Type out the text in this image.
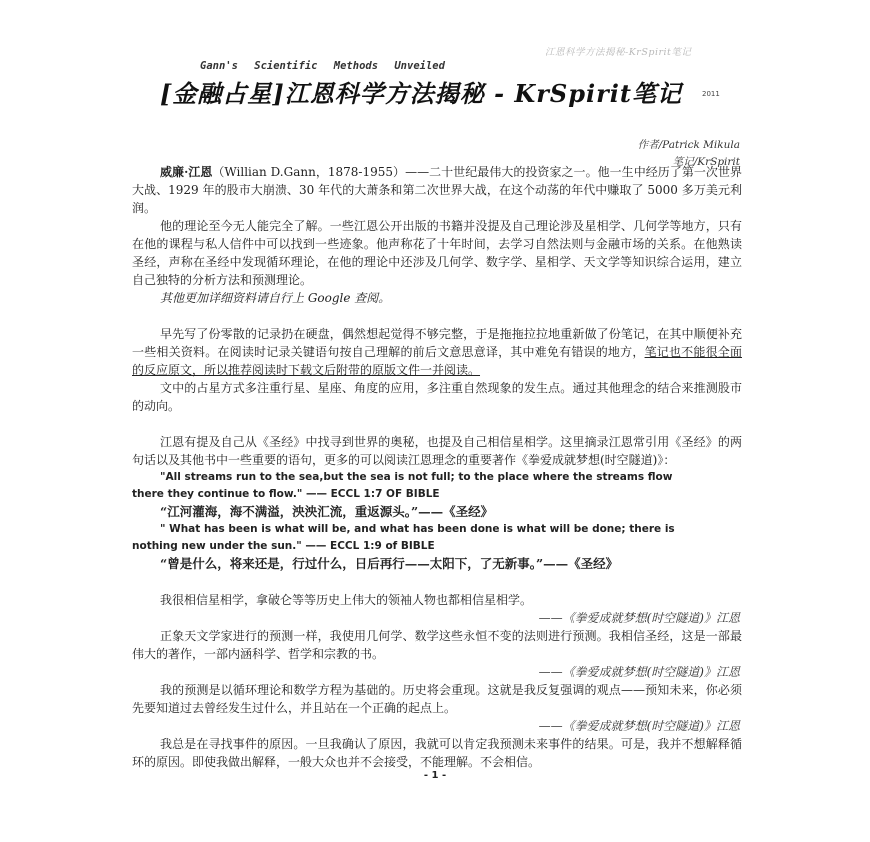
江恩科学方法揭秘-KrSpirit笔记
Gann's Scientific Methods Unveiled
[金融占星]江恩科学方法揭秘 - KrSpirit笔记	2011
作者/Patrick Mikula
笔记/KrSpirit

威廉·江恩（Willian D.Gann，1878-1955）——二十世纪最伟大的投资家之一。他一生中经历了第一次世界大战、1929 年的股市大崩溃、30 年代的大萧条和第二次世界大战，在这个动荡的年代中赚取了 5000 多万美元利润。

他的理论至今无人能完全了解。一些江恩公开出版的书籍并没提及自己理论涉及星相学、几何学等地方，只有在他的课程与私人信件中可以找到一些迹象。他声称花了十年时间，去学习自然法则与金融市场的关系。在他熟读圣经，声称在圣经中发现循环理论，在他的理论中还涉及几何学、数字学、星相学、天文学等知识综合运用，建立自己独特的分析方法和预测理论。

其他更加详细资料请自行上 Google 查阅。

早先写了份零散的记录扔在硬盘，偶然想起觉得不够完整，于是拖拖拉拉地重新做了份笔记，在其中顺便补充一些相关资料。在阅读时记录关键语句按自己理解的前后文意思意译，其中难免有错误的地方，笔记也不能很全面的反应原文，所以推荐阅读时下载文后附带的原版文件一并阅读。

文中的占星方式多注重行星、星座、角度的应用，多注重自然现象的发生点。通过其他理念的结合来推测股市的动向。

江恩有提及自己从《圣经》中找寻到世界的奥秘，也提及自己相信星相学。这里摘录江恩常引用《圣经》的两句话以及其他书中一些重要的语句，更多的可以阅读江恩理念的重要著作《拳爱成就梦想(时空隧道)》：

"All streams run to the sea,but the sea is not full; to the place where the streams flow

there they continue to flow." —— ECCL 1:7 OF BIBLE

“江河灌海，海不满溢，泱泱汇流，重返源头。”——《圣经》

" What has been is what will be, and what has been done is what will be done; there is

nothing new under the sun." —— ECCL 1:9 of BIBLE

“曾是什么，将来还是，行过什么，日后再行——太阳下，了无新事。”——《圣经》

我很相信星相学，拿破仑等等历史上伟大的领袖人物也都相信星相学。

——《拳爱成就梦想(时空隧道)》江恩

正象天文学家进行的预测一样，我使用几何学、数学这些永恒不变的法则进行预测。我相信圣经，这是一部最伟大的著作，一部内涵科学、哲学和宗教的书。

——《拳爱成就梦想(时空隧道)》江恩

我的预测是以循环理论和数学方程为基础的。历史将会重现。这就是我反复强调的观点——预知未来，你必须先要知道过去曾经发生过什么，并且站在一个正确的起点上。

——《拳爱成就梦想(时空隧道)》江恩

我总是在寻找事件的原因。一旦我确认了原因，我就可以肯定我预测未来事件的结果。可是，我并不想解释循环的原因。即使我做出解释，一般大众也并不会接受，不能理解。不会相信。

- 1 -
